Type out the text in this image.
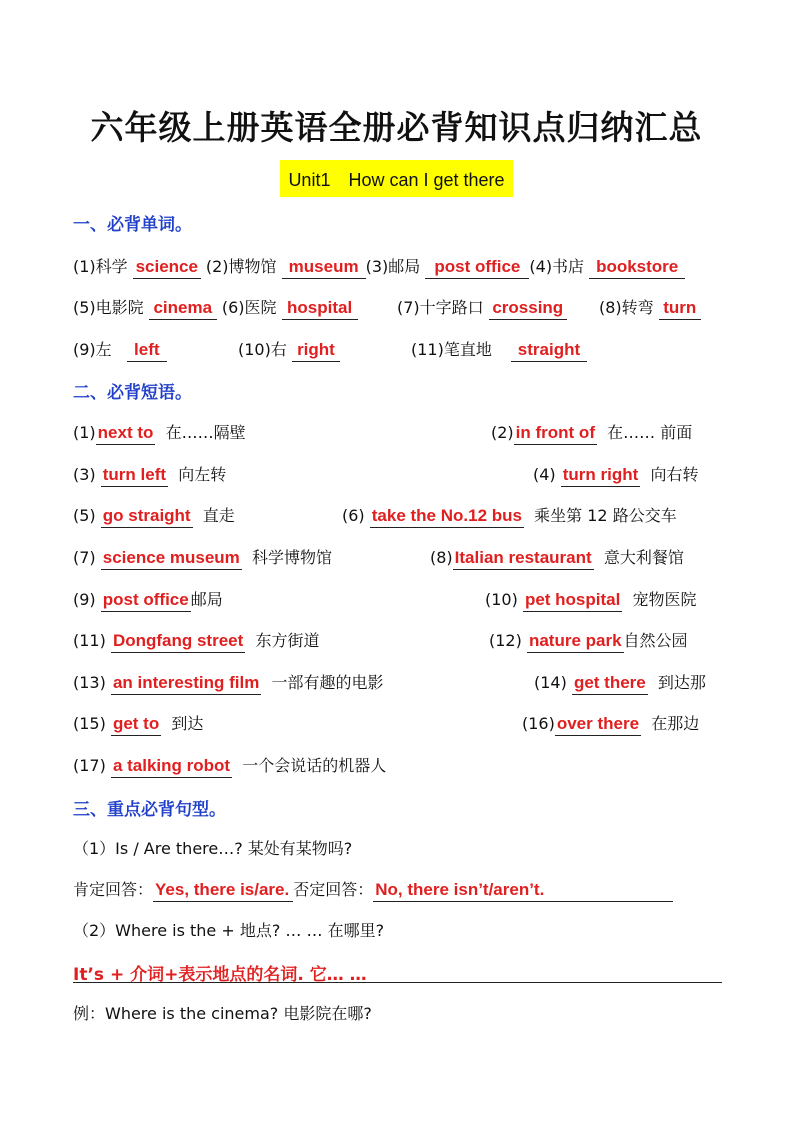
六年级上册英语全册必背知识点归纳汇总
Unit1　How can I get there
一、必背单词。
(1)科学 science (2)博物馆 museum (3)邮局 post office (4)书店 bookstore
(5)电影院 cinema (6)医院 hospital	(7)十字路口 crossing (8)转弯 turn
(9)左 left	(10)右 right	(11)笔直地 straight
二、必背短语。
(1) next to 在……隔壁	(2) in front of 在…… 前面
(3) turn left 向左转	(4) turn right 向右转
(5) go straight 直走	(6) take the No.12 bus 乘坐第 12 路公交车
(7) science museum 科学博物馆	(8) Italian restaurant 意大利餐馆
(9) post office 邮局	(10) pet hospital 宠物医院
(11) Dongfang street 东方街道	(12) nature park 自然公园
(13) an interesting film 一部有趣的电影	(14) get there 到达那
(15) get to 到达	(16) over there 在那边
(17) a talking robot 一个会说话的机器人
三、重点必背句型。
（1）Is / Are there…? 某处有某物吗?
肯定回答： Yes, there is/are. 否定回答： No, there isn’t/aren’t.
（2）Where is the + 地点? … … 在哪里?
It’s + 介词+表示地点的名词. 它… …
例：Where is the cinema? 电影院在哪?
